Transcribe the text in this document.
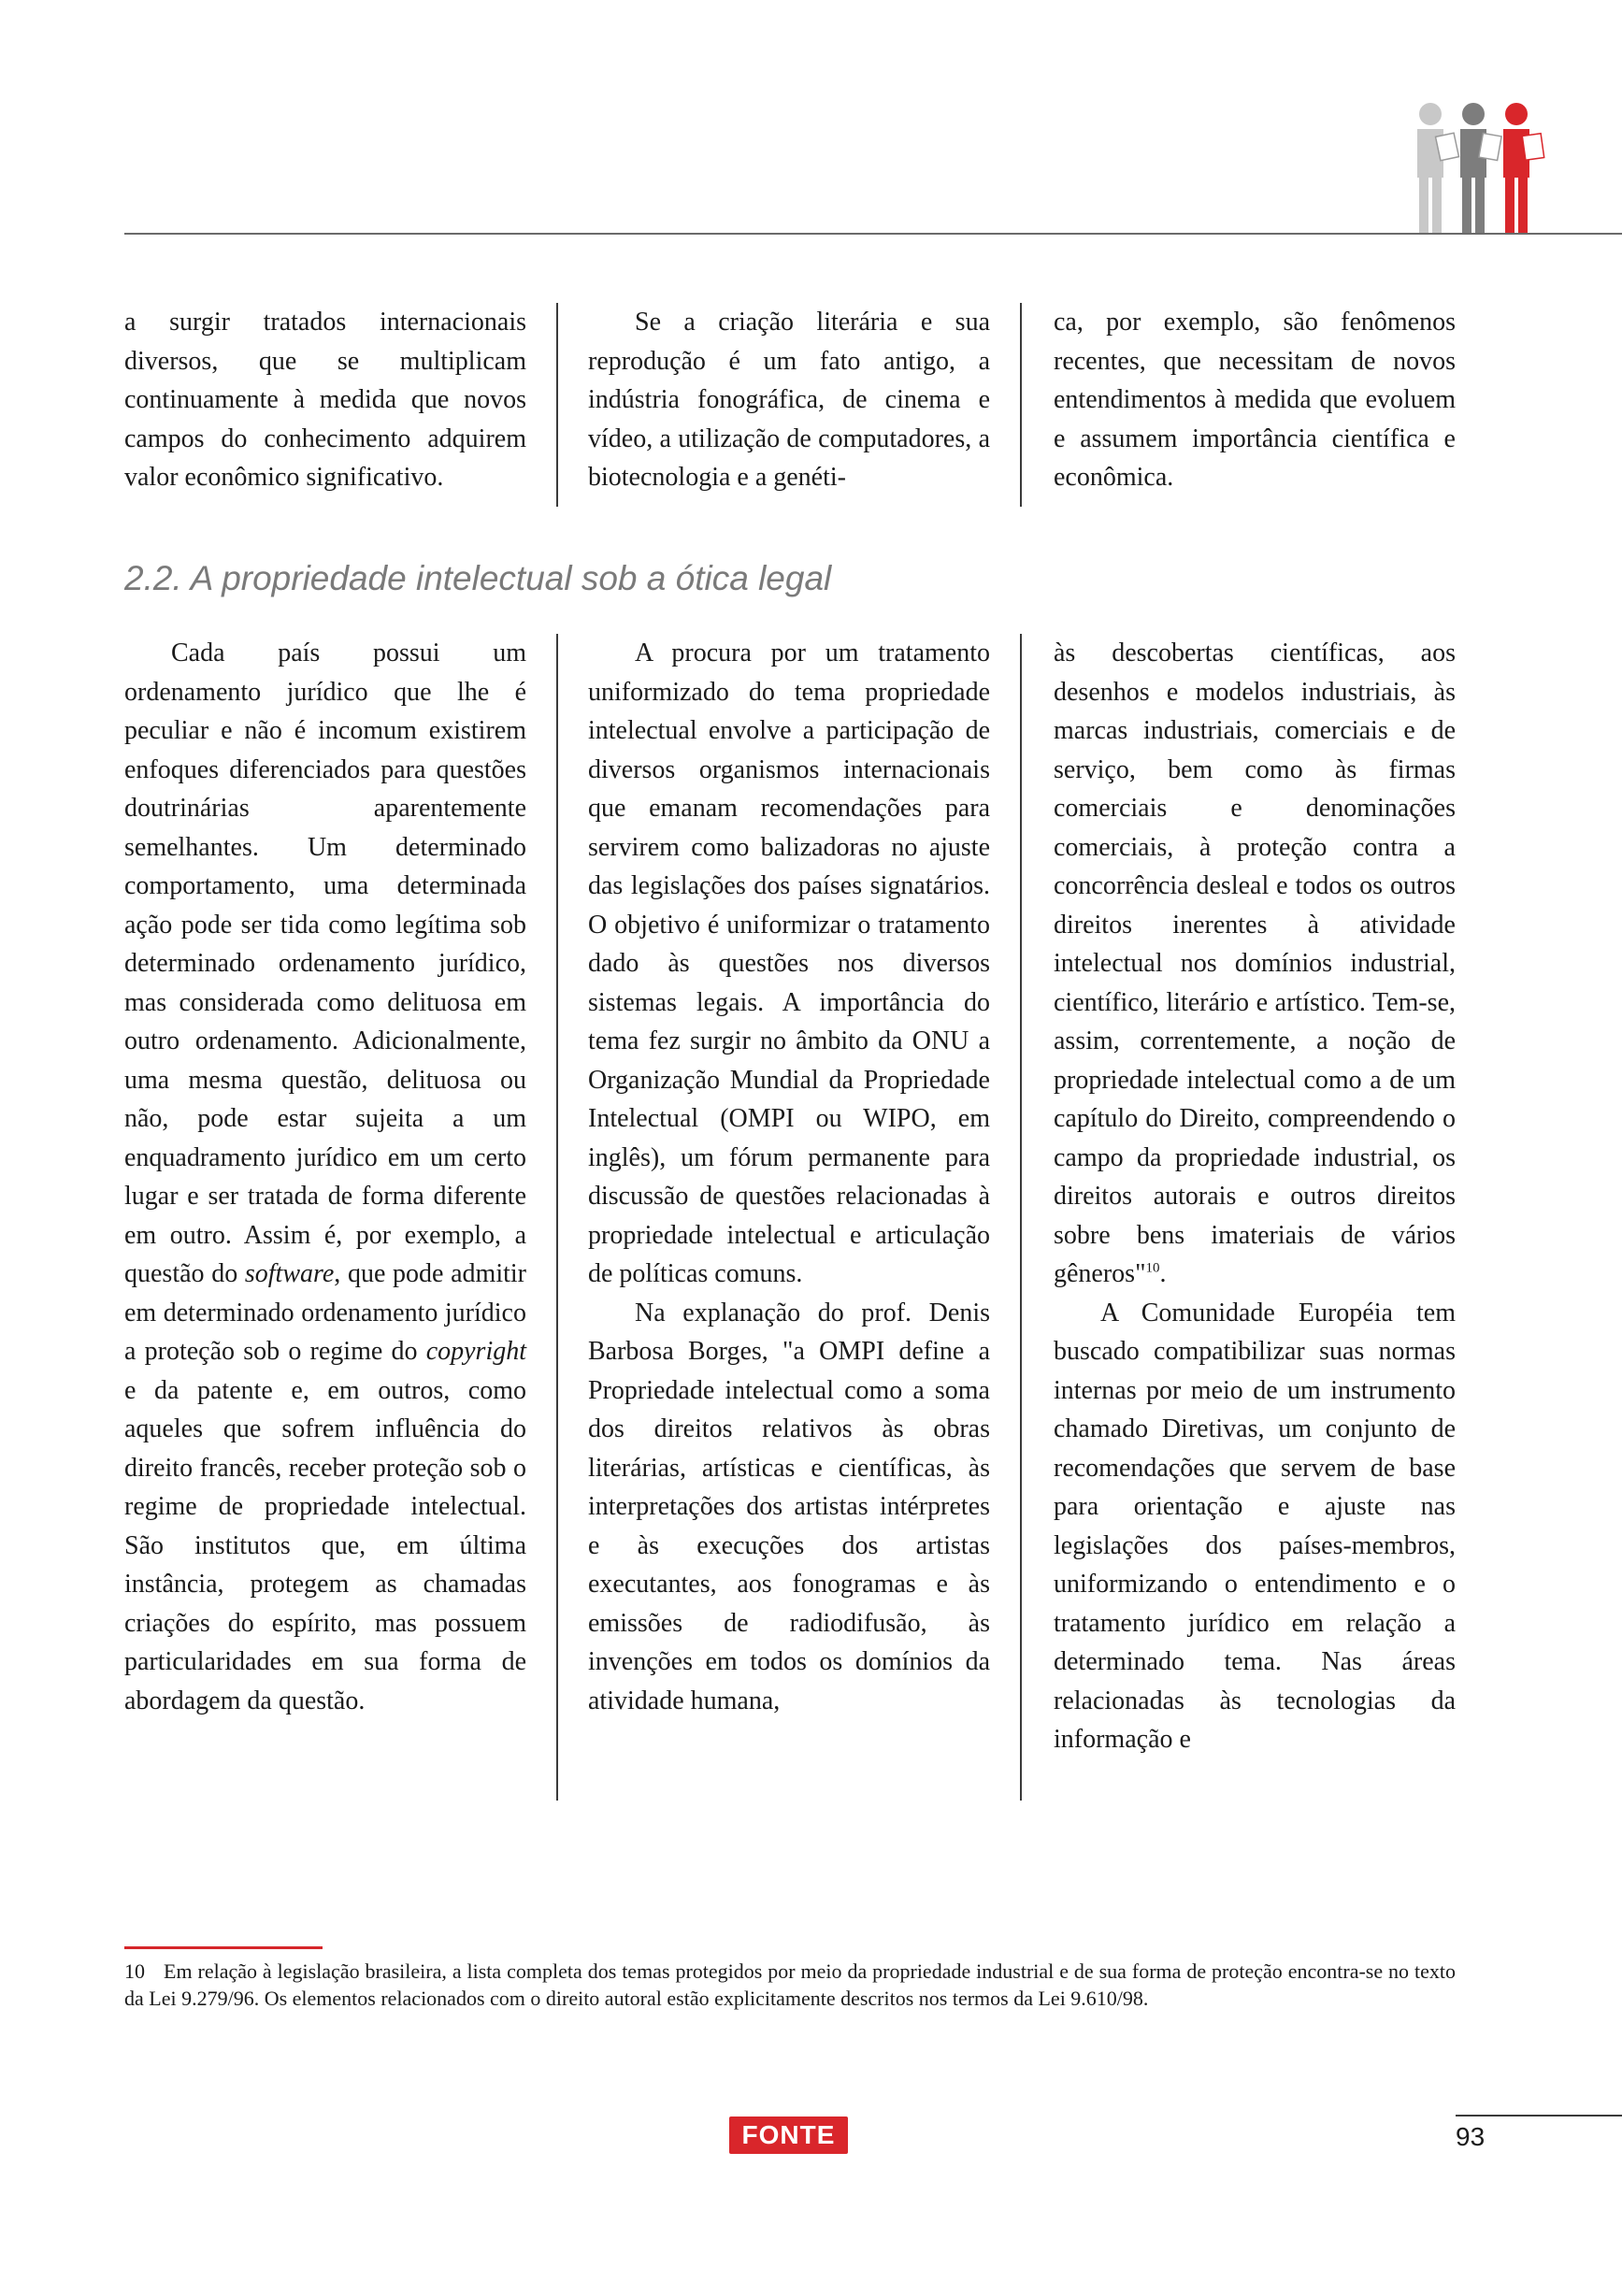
a surgir tratados internacionais diversos, que se multiplicam continuamente à medida que novos campos do conhecimento adquirem valor econômico significativo.

Se a criação literária e sua reprodução é um fato antigo, a indústria fonográfica, de cinema e vídeo, a utilização de computadores, a biotecnologia e a genéti-

ca, por exemplo, são fenômenos recentes, que necessitam de novos entendimentos à medida que evoluem e assumem importância científica e econômica.

2.2. A propriedade intelectual sob a ótica legal

Cada país possui um ordenamento jurídico que lhe é peculiar e não é incomum existirem enfoques diferenciados para questões doutrinárias aparentemente semelhantes. Um determinado comportamento, uma determinada ação pode ser tida como legítima sob determinado ordenamento jurídico, mas considerada como delituosa em outro ordenamento. Adicionalmente, uma mesma questão, delituosa ou não, pode estar sujeita a um enquadramento jurídico em um certo lugar e ser tratada de forma diferente em outro. Assim é, por exemplo, a questão do software, que pode admitir em determinado ordenamento jurídico a proteção sob o regime do copyright e da patente e, em outros, como aqueles que sofrem influência do direito francês, receber proteção sob o regime de propriedade intelectual. São institutos que, em última instância, protegem as chamadas criações do espírito, mas possuem particularidades em sua forma de abordagem da questão.

A procura por um tratamento uniformizado do tema propriedade intelectual envolve a participação de diversos organismos internacionais que emanam recomendações para servirem como balizadoras no ajuste das legislações dos países signatários. O objetivo é uniformizar o tratamento dado às questões nos diversos sistemas legais. A importância do tema fez surgir no âmbito da ONU a Organização Mundial da Propriedade Intelectual (OMPI ou WIPO, em inglês), um fórum permanente para discussão de questões relacionadas à propriedade intelectual e articulação de políticas comuns.

Na explanação do prof. Denis Barbosa Borges, "a OMPI define a Propriedade intelectual como a soma dos direitos relativos às obras literárias, artísticas e científicas, às interpretações dos artistas intérpretes e às execuções dos artistas executantes, aos fonogramas e às emissões de radiodifusão, às invenções em todos os domínios da atividade humana,

às descobertas científicas, aos desenhos e modelos industriais, às marcas industriais, comerciais e de serviço, bem como às firmas comerciais e denominações comerciais, à proteção contra a concorrência desleal e todos os outros direitos inerentes à atividade intelectual nos domínios industrial, científico, literário e artístico. Tem-se, assim, correntemente, a noção de propriedade intelectual como a de um capítulo do Direito, compreendendo o campo da propriedade industrial, os direitos autorais e outros direitos sobre bens imateriais de vários gêneros"$^{10}$.

A Comunidade Européia tem buscado compatibilizar suas normas internas por meio de um instrumento chamado Diretivas, um conjunto de recomendações que servem de base para orientação e ajuste nas legislações dos países-membros, uniformizando o entendimento e o tratamento jurídico em relação a determinado tema. Nas áreas relacionadas às tecnologias da informação e

10 Em relação à legislação brasileira, a lista completa dos temas protegidos por meio da propriedade industrial e de sua forma de proteção encontra-se no texto da Lei 9.279/96. Os elementos relacionados com o direito autoral estão explicitamente descritos nos termos da Lei 9.610/98.
FONTE	93
